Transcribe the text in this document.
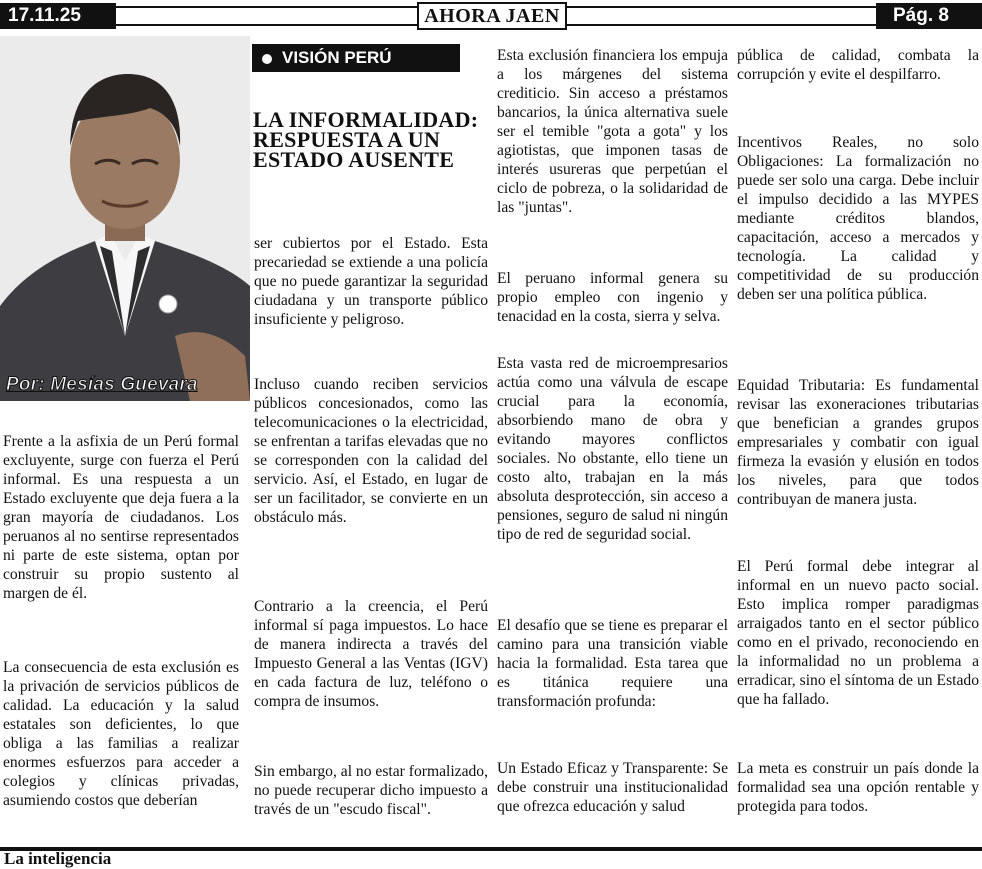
17.11.25	AHORA JAEN	Pág. 8
Por: Mesías Guevara
VISIÓN PERÚ
LA INFORMALIDAD: RESPUESTA A UN ESTADO AUSENTE

Frente a la asfixia de un Perú formal excluyente, surge con fuerza el Perú informal. Es una respuesta a un Estado excluyente que deja fuera a la gran mayoría de ciudadanos. Los peruanos al no sentirse representados ni parte de este sistema, optan por construir su propio sustento al margen de él.

La consecuencia de esta exclusión es la privación de servicios públicos de calidad. La educación y la salud estatales son deficientes, lo que obliga a las familias a realizar enormes esfuerzos para acceder a colegios y clínicas privadas, asumiendo costos que deberían

ser cubiertos por el Estado. Esta precariedad se extiende a una policía que no puede garantizar la seguridad ciudadana y un transporte público insuficiente y peligroso.

Incluso cuando reciben servicios públicos concesionados, como las telecomunicaciones o la electricidad, se enfrentan a tarifas elevadas que no se corresponden con la calidad del servicio. Así, el Estado, en lugar de ser un facilitador, se convierte en un obstáculo más.

Contrario a la creencia, el Perú informal sí paga impuestos. Lo hace de manera indirecta a través del Impuesto General a las Ventas (IGV) en cada factura de luz, teléfono o compra de insumos.

Sin embargo, al no estar formalizado, no puede recuperar dicho impuesto a través de un "escudo fiscal".

Esta exclusión financiera los empuja a los márgenes del sistema crediticio. Sin acceso a préstamos bancarios, la única alternativa suele ser el temible "gota a gota" y los agiotistas, que imponen tasas de interés usureras que perpetúan el ciclo de pobreza, o la solidaridad de las "juntas".

El peruano informal genera su propio empleo con ingenio y tenacidad en la costa, sierra y selva.

Esta vasta red de microempresarios actúa como una válvula de escape crucial para la economía, absorbiendo mano de obra y evitando mayores conflictos sociales. No obstante, ello tiene un costo alto, trabajan en la más absoluta desprotección, sin acceso a pensiones, seguro de salud ni ningún tipo de red de seguridad social.

El desafío que se tiene es preparar el camino para una transición viable hacia la formalidad. Esta tarea que es titánica requiere una transformación profunda:

Un Estado Eficaz y Transparente: Se debe construir una institucionalidad que ofrezca educación y salud

pública de calidad, combata la corrupción y evite el despilfarro.

Incentivos Reales, no solo Obligaciones: La formalización no puede ser solo una carga. Debe incluir el impulso decidido a las MYPES mediante créditos blandos, capacitación, acceso a mercados y tecnología. La calidad y competitividad de su producción deben ser una política pública.

Equidad Tributaria: Es fundamental revisar las exoneraciones tributarias que benefician a grandes grupos empresariales y combatir con igual firmeza la evasión y elusión en todos los niveles, para que todos contribuyan de manera justa.

El Perú formal debe integrar al informal en un nuevo pacto social. Esto implica romper paradigmas arraigados tanto en el sector público como en el privado, reconociendo en la informalidad no un problema a erradicar, sino el síntoma de un Estado que ha fallado.

La meta es construir un país donde la formalidad sea una opción rentable y protegida para todos.

La inteligencia
